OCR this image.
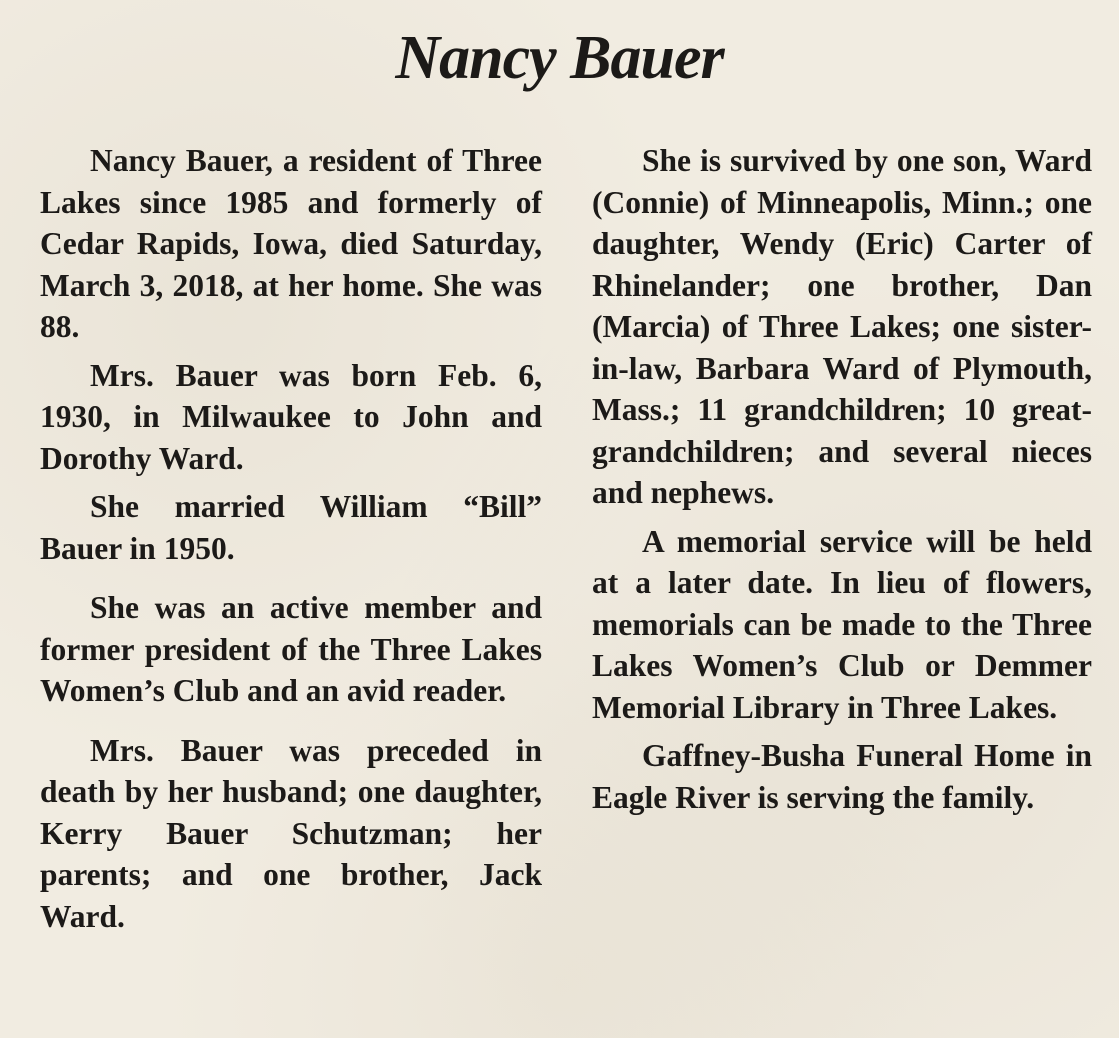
Nancy Bauer

Nancy Bauer, a resident of Three Lakes since 1985 and formerly of Cedar Rapids, Iowa, died Saturday, March 3, 2018, at her home. She was 88.

Mrs. Bauer was born Feb. 6, 1930, in Milwaukee to John and Dorothy Ward.

She married William “Bill” Bauer in 1950.

She was an active member and former president of the Three Lakes Women’s Club and an avid reader.

Mrs. Bauer was preceded in death by her husband; one daughter, Kerry Bauer Schutzman; her parents; and one brother, Jack Ward.

She is survived by one son, Ward (Connie) of Minneapolis, Minn.; one daughter, Wendy (Eric) Carter of Rhinelander; one brother, Dan (Marcia) of Three Lakes; one sister-in-law, Barbara Ward of Plymouth, Mass.; 11 grandchildren; 10 great-grandchildren; and several nieces and nephews.

A memorial service will be held at a later date. In lieu of flowers, memorials can be made to the Three Lakes Women’s Club or Demmer Memorial Library in Three Lakes.

Gaffney-Busha Funeral Home in Eagle River is serving the family.
